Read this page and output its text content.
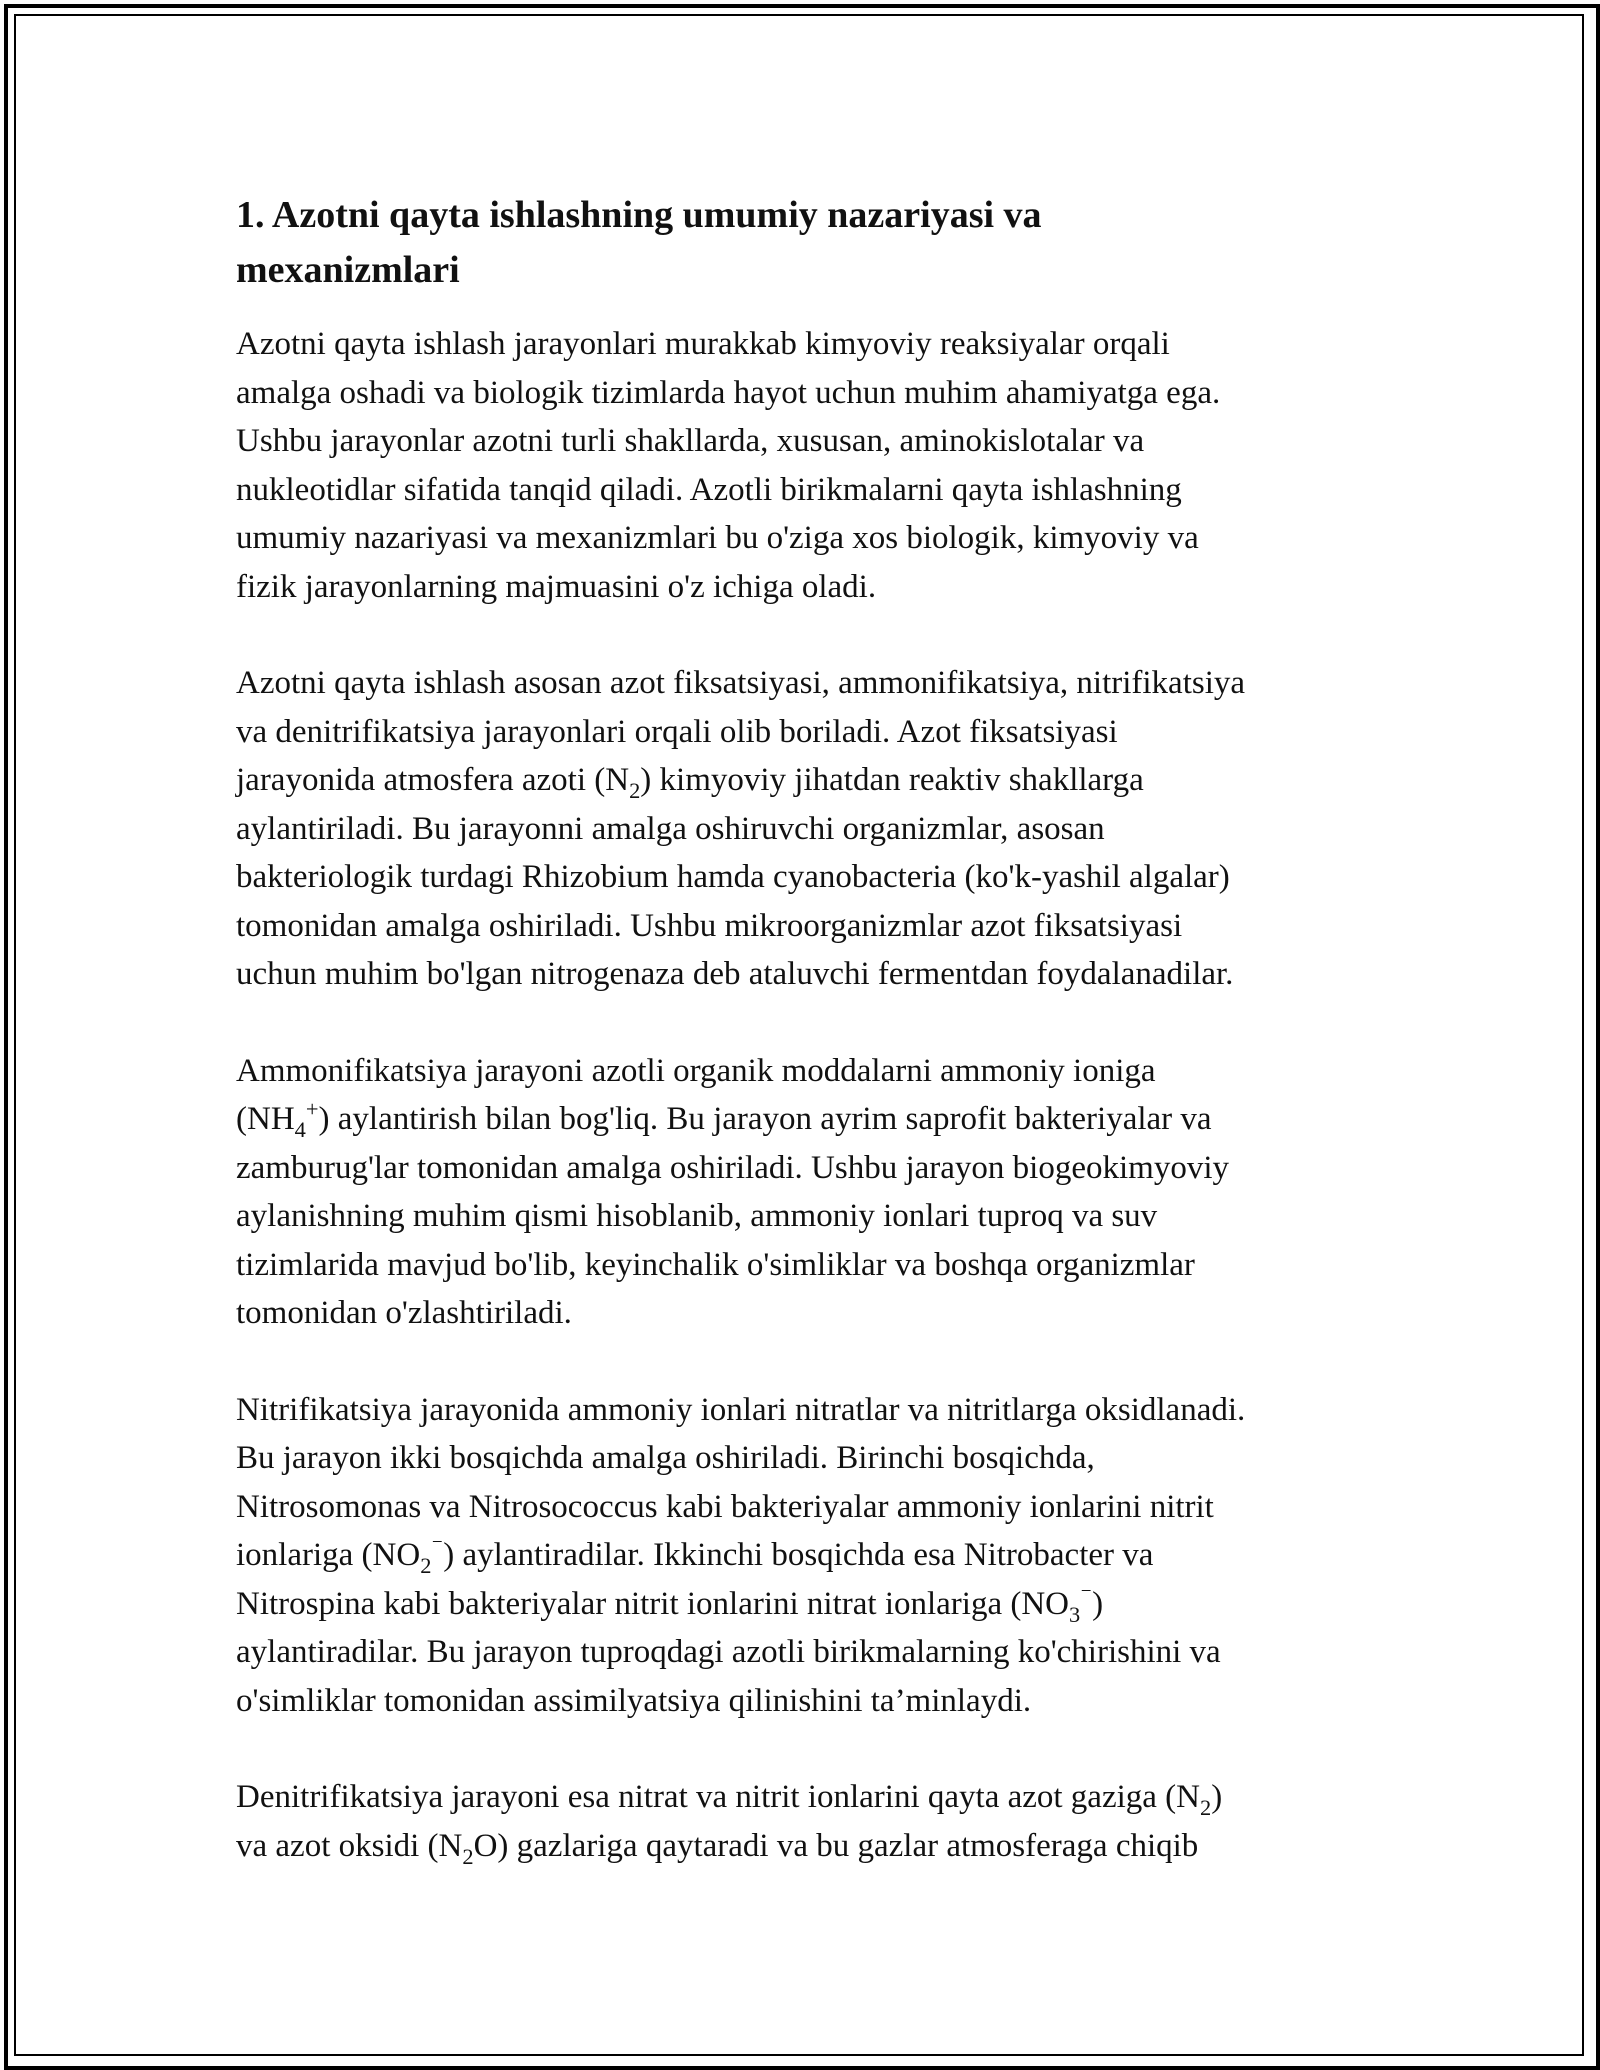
1. Azotni qayta ishlashning umumiy nazariyasi va
mexanizmlari
Azotni qayta ishlash jarayonlari murakkab kimyoviy reaksiyalar orqali
amalga oshadi va biologik tizimlarda hayot uchun muhim ahamiyatga ega.
Ushbu jarayonlar azotni turli shakllarda, xususan, aminokislotalar va
nukleotidlar sifatida tanqid qiladi. Azotli birikmalarni qayta ishlashning
umumiy nazariyasi va mexanizmlari bu o'ziga xos biologik, kimyoviy va
fizik jarayonlarning majmuasini o'z ichiga oladi.
Azotni qayta ishlash asosan azot fiksatsiyasi, ammonifikatsiya, nitrifikatsiya
va denitrifikatsiya jarayonlari orqali olib boriladi. Azot fiksatsiyasi
jarayonida atmosfera azoti $(N_2)$ kimyoviy jihatdan reaktiv shakllarga
aylantiriladi. Bu jarayonni amalga oshiruvchi organizmlar, asosan
bakteriologik turdagi Rhizobium hamda cyanobacteria (ko'k-yashil algalar)
tomonidan amalga oshiriladi. Ushbu mikroorganizmlar azot fiksatsiyasi
uchun muhim bo'lgan nitrogenaza deb ataluvchi fermentdan foydalanadilar.
Ammonifikatsiya jarayoni azotli organik moddalarni ammoniy ioniga
$(NH_4^+)$ aylantirish bilan bog'liq. Bu jarayon ayrim saprofit bakteriyalar va
zamburug'lar tomonidan amalga oshiriladi. Ushbu jarayon biogeokimyoviy
aylanishning muhim qismi hisoblanib, ammoniy ionlari tuproq va suv
tizimlarida mavjud bo'lib, keyinchalik o'simliklar va boshqa organizmlar
tomonidan o'zlashtiriladi.
Nitrifikatsiya jarayonida ammoniy ionlari nitratlar va nitritlarga oksidlanadi.
Bu jarayon ikki bosqichda amalga oshiriladi. Birinchi bosqichda,
Nitrosomonas va Nitrosococcus kabi bakteriyalar ammoniy ionlarini nitrit
ionlariga $(NO_2^{^-})$ aylantiradilar. Ikkinchi bosqichda esa Nitrobacter va
Nitrospina kabi bakteriyalar nitrit ionlarini nitrat ionlariga $(NO_3^{^-})$
aylantiradilar. Bu jarayon tuproqdagi azotli birikmalarning ko'chirishini va
o'simliklar tomonidan assimilyatsiya qilinishini ta’minlaydi.
Denitrifikatsiya jarayoni esa nitrat va nitrit ionlarini qayta azot gaziga $(N_2)$
va azot oksidi $(N_2O)$ gazlariga qaytaradi va bu gazlar atmosferaga chiqib
